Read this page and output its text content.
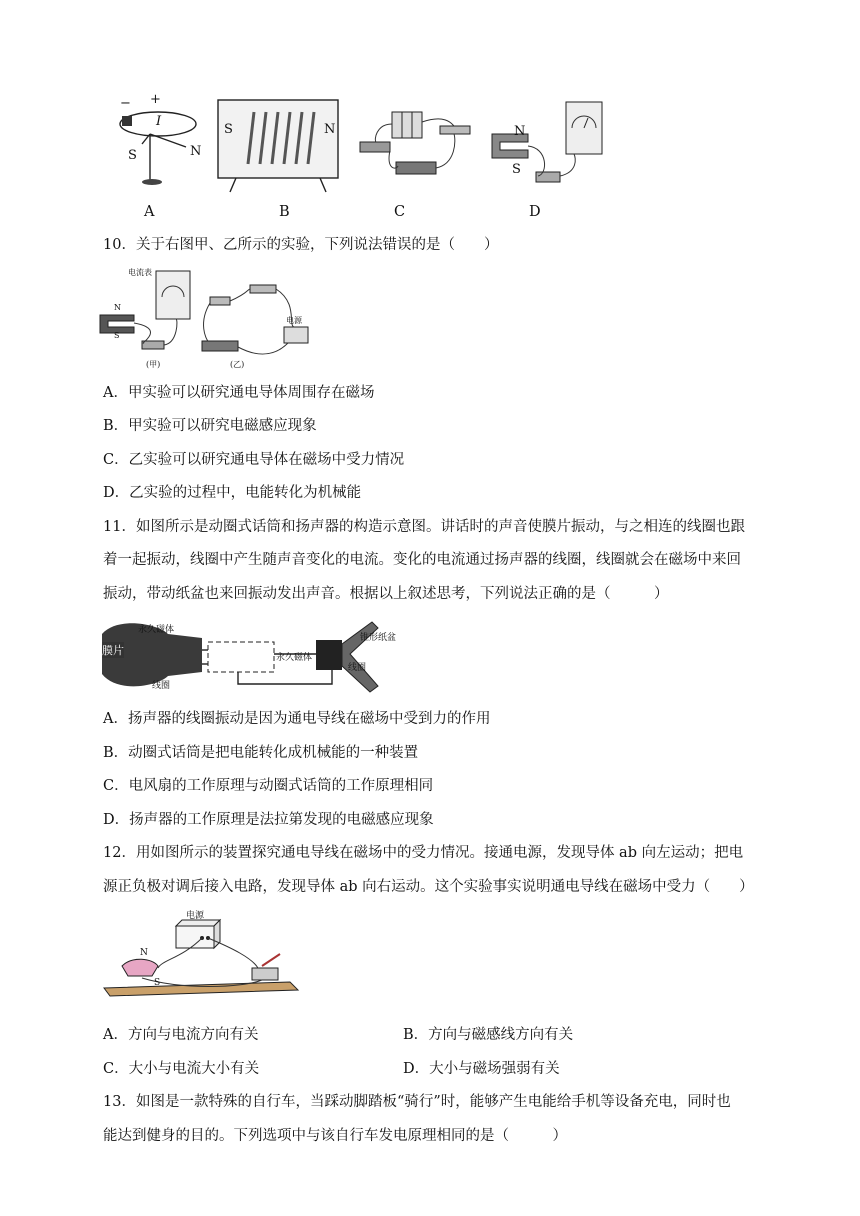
− +
I
S	N
S	N	N
S
A	B	C	D
10．关于右图甲、乙所示的实验，下列说法错误的是（　　）
电流表
电源
N
S
(甲)	(乙)
A．甲实验可以研究通电导体周围存在磁场
B．甲实验可以研究电磁感应现象
C．乙实验可以研究通电导体在磁场中受力情况
D．乙实验的过程中，电能转化为机械能
11．如图所示是动圈式话筒和扬声器的构造示意图。讲话时的声音使膜片振动，与之相连的线圈也跟
着一起振动，线圈中产生随声音变化的电流。变化的电流通过扬声器的线圈，线圈就会在磁场中来回
振动，带动纸盆也来回振动发出声音。根据以上叙述思考，下列说法正确的是（　　　）
膜片
永久磁体
线圈
永久磁体
锥形纸盆
线圈
A．扬声器的线圈振动是因为通电导线在磁场中受到力的作用
B．动圈式话筒是把电能转化成机械能的一种装置
C．电风扇的工作原理与动圈式话筒的工作原理相同
D．扬声器的工作原理是法拉第发现的电磁感应现象
12．用如图所示的装置探究通电导线在磁场中的受力情况。接通电源，发现导体 ab 向左运动；把电
源正负极对调后接入电路，发现导体 ab 向右运动。这个实验事实说明通电导线在磁场中受力（　　）
电源
N
S
A．方向与电流方向有关	B．方向与磁感线方向有关
C．大小与电流大小有关	D．大小与磁场强弱有关
13．如图是一款特殊的自行车，当踩动脚踏板“骑行”时，能够产生电能给手机等设备充电，同时也
能达到健身的目的。下列选项中与该自行车发电原理相同的是（　　　）
